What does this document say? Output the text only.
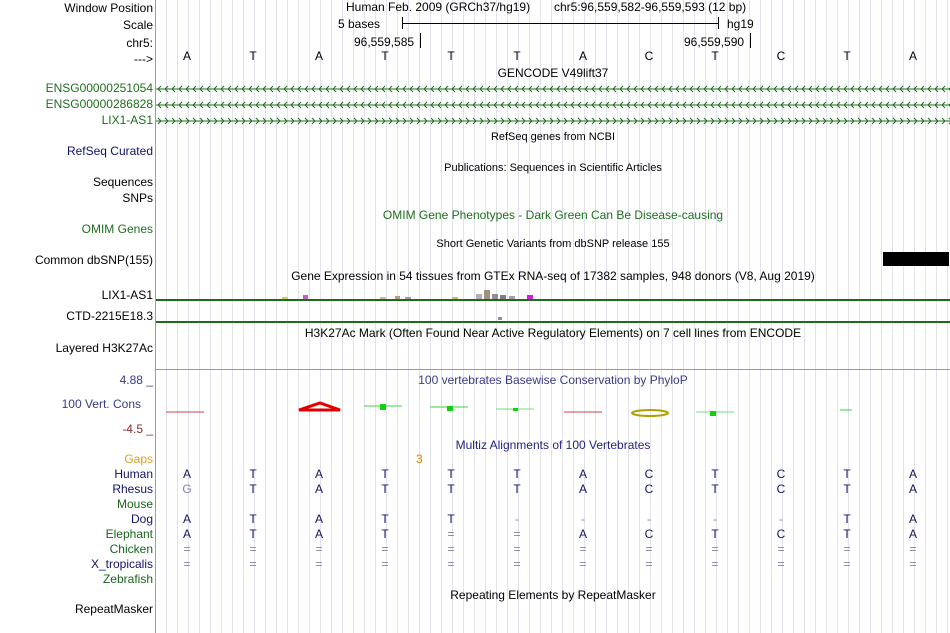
Window Position
Scale
chr5:
--->
Human Feb. 2009 (GRCh37/hg19) chr5:96,559,582-96,559,593 (12 bp)
5 bases	hg19
96,559,585	96,559,590
A	T	A	T	T	T	A	C	T	C	T	A
GENCODE V49lift37
ENSG00000251054
ENSG00000286828
LIX1-AS1
RefSeq genes from NCBI
RefSeq Curated
Publications: Sequences in Scientific Articles
Sequences
SNPs
OMIM Gene Phenotypes - Dark Green Can Be Disease-causing
OMIM Genes
Short Genetic Variants from dbSNP release 155
Common dbSNP(155)
Gene Expression in 54 tissues from GTEx RNA-seq of 17382 samples, 948 donors (V8, Aug 2019)
LIX1-AS1
CTD-2215E18.3
H3K27Ac Mark (Often Found Near Active Regulatory Elements) on 7 cell lines from ENCODE
Layered H3K27Ac
100 vertebrates Basewise Conservation by PhyloP
4.88 _
100 Vert. Cons
-4.5 _
Multiz Alignments of 100 Vertebrates
Gaps	3
Human	A	T	A	T	T	T	A	C	T	C	T	A
Rhesus	G	T	A	T	T	T	A	C	T	C	T	A
Mouse
Dog	A	T	A	T	T	-	-	-	-	-	T	A
Elephant	A	T	A	T	=	=	A	C	T	C	T	A
Chicken	=	=	=	=	=	=	=	=	=	=	=	=
X_tropicalis	=	=	=	=	=	=	=	=	=	=	=	=
Zebrafish
Repeating Elements by RepeatMasker
RepeatMasker
